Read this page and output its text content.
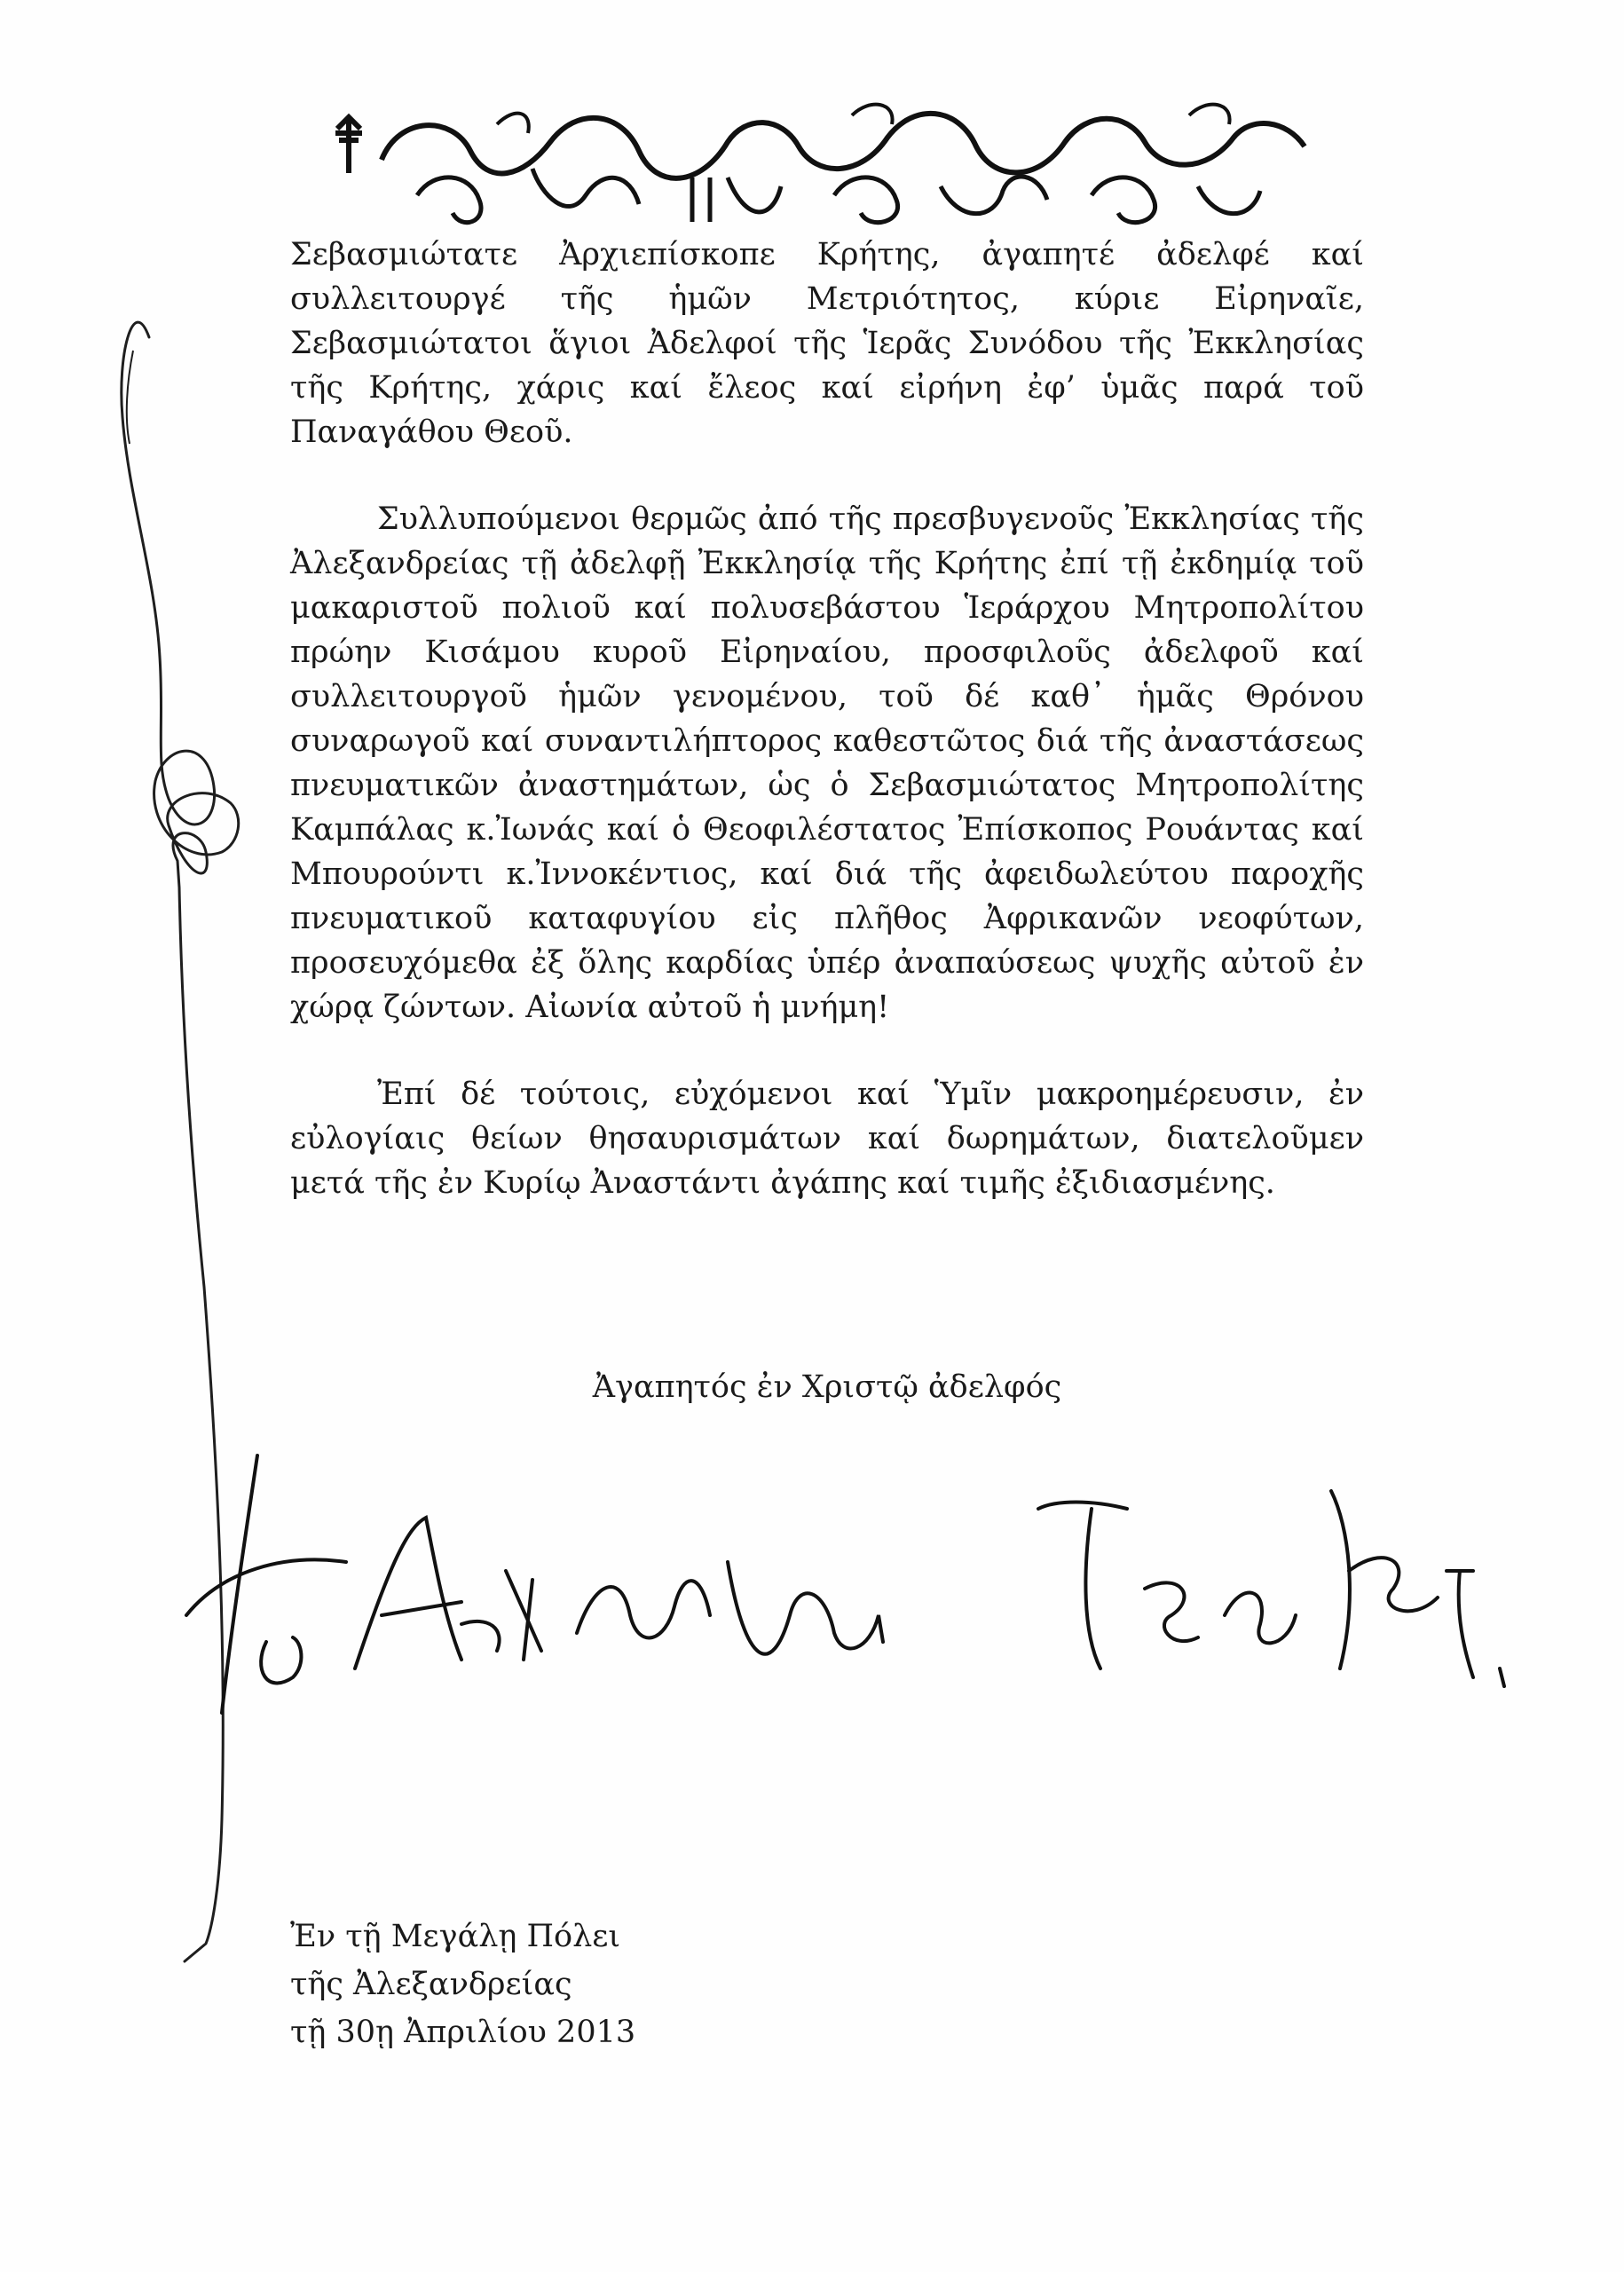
Σεβασμιώτατε Ἀρχιεπίσκοπε Κρήτης, ἀγαπητέ ἀδελφέ καί συλλειτουργέ τῆς ἡμῶν Μετριότητος, κύριε Εἰρηναῖε, Σεβασμιώτατοι ἅγιοι Ἀδελφοί τῆς Ἱερᾶς Συνόδου τῆς Ἐκκλησίας τῆς Κρήτης, χάρις καί ἔλεος καί εἰρήνη ἐφ’ ὑμᾶς παρά τοῦ Παναγάθου Θεοῦ.

Συλλυπούμενοι θερμῶς ἀπό τῆς πρεσβυγενοῦς Ἐκκλησίας τῆς Ἀλεξανδρείας τῇ ἀδελφῇ Ἐκκλησίᾳ τῆς Κρήτης ἐπί τῇ ἐκδημίᾳ τοῦ μακαριστοῦ πολιοῦ καί πολυσεβάστου Ἱεράρχου Μητροπολίτου πρώην Κισάμου κυροῦ Εἰρηναίου, προσφιλοῦς ἀδελφοῦ καί συλλειτουργοῦ ἡμῶν γενομένου, τοῦ δέ καθ᾿ ἡμᾶς Θρόνου συναρωγοῦ καί συναντιλήπτορος καθεστῶτος διά τῆς ἀναστάσεως πνευματικῶν ἀναστημάτων, ὡς ὁ Σεβασμιώτατος Μητροπολίτης Καμπάλας κ.Ἰωνάς καί ὁ Θεοφιλέστατος Ἐπίσκοπος Ρουάντας καί Μπουρούντι κ.Ἰννοκέντιος, καί διά τῆς ἀφειδωλεύτου παροχῆς πνευματικοῦ καταφυγίου εἰς πλῆθος Ἀφρικανῶν νεοφύτων, προσευχόμεθα ἐξ ὅλης καρδίας ὑπέρ ἀναπαύσεως ψυχῆς αὐτοῦ ἐν χώρᾳ ζώντων. Αἰωνία αὐτοῦ ἡ μνήμη!

Ἐπί δέ τούτοις, εὐχόμενοι καί Ὑμῖν μακροημέρευσιν, ἐν εὐλογίαις θείων θησαυρισμάτων καί δωρημάτων, διατελοῦμεν μετά τῆς ἐν Κυρίῳ Ἀναστάντι ἀγάπης καί τιμῆς ἐξιδιασμένης.

Ἀγαπητός ἐν Χριστῷ ἀδελφός
Ἐν τῇ Μεγάλῃ Πόλει
τῆς Ἀλεξανδρείας
τῇ 30ῃ Ἀπριλίου 2013
